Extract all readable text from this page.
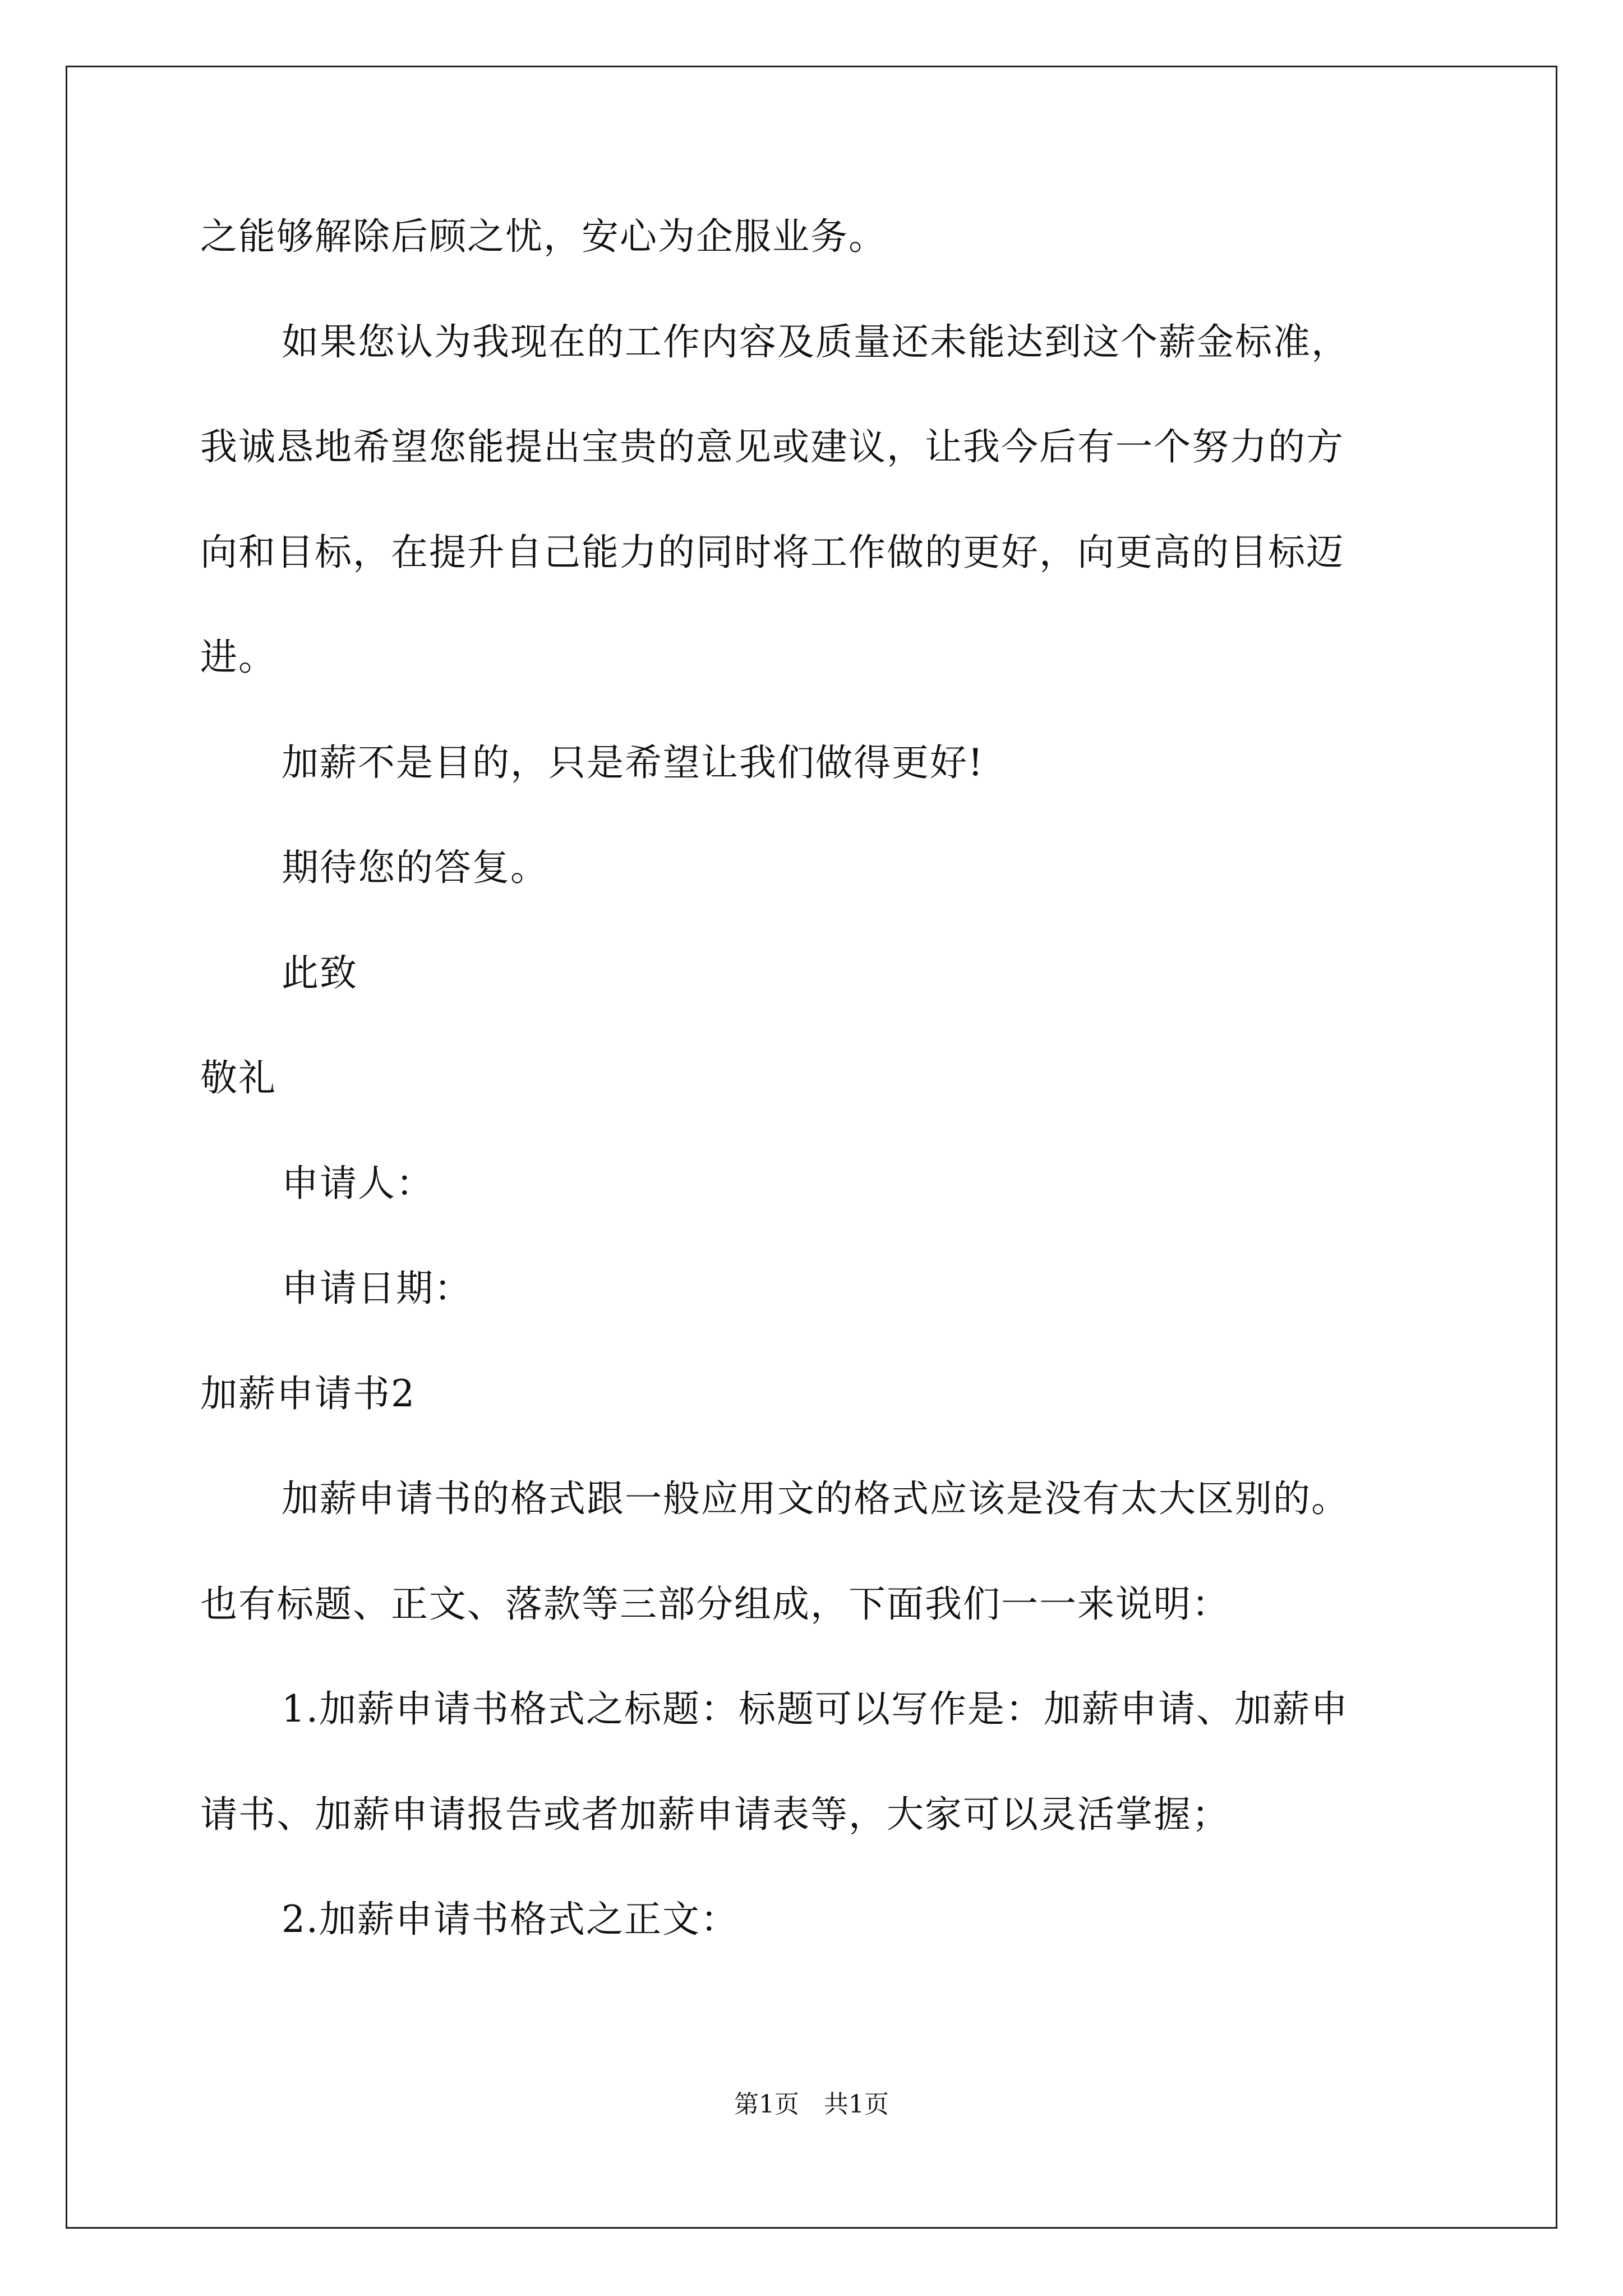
之能够解除后顾之忧，安心为企服业务。
如果您认为我现在的工作内容及质量还未能达到这个薪金标准，
我诚恳地希望您能提出宝贵的意见或建议，让我今后有一个努力的方
向和目标，在提升自己能力的同时将工作做的更好，向更高的目标迈
进。
加薪不是目的，只是希望让我们做得更好!
期待您的答复。
此致
敬礼
申请人：
申请日期：
加薪申请书2
加薪申请书的格式跟一般应用文的格式应该是没有太大区别的。
也有标题、正文、落款等三部分组成，下面我们一一来说明：
1.加薪申请书格式之标题：标题可以写作是：加薪申请、加薪申
请书、加薪申请报告或者加薪申请表等，大家可以灵活掌握；
2.加薪申请书格式之正文：
第1页　共1页
